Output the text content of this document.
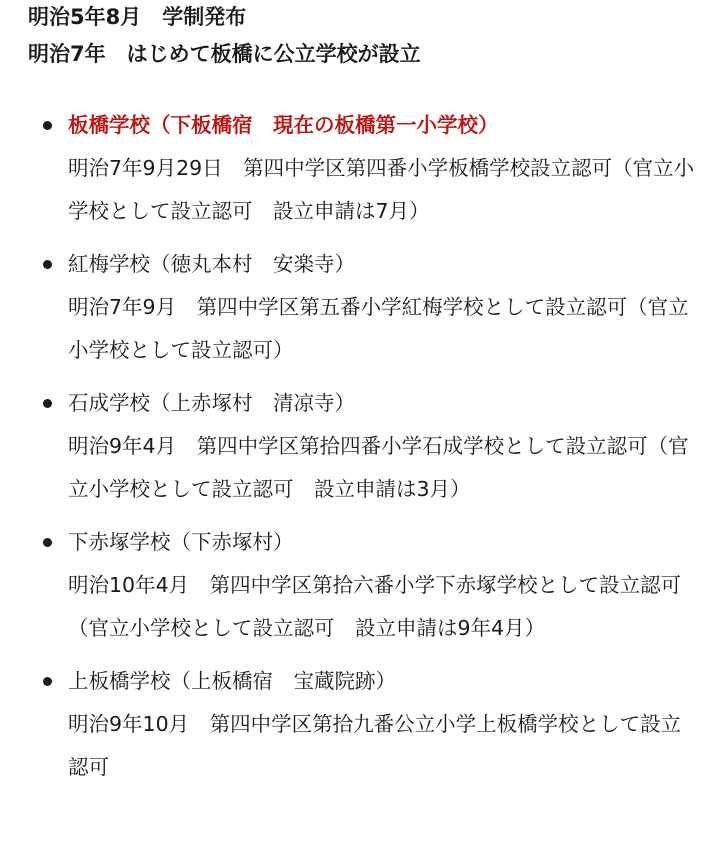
明治5年8月　学制発布
明治7年　はじめて板橋に公立学校が設立
板橋学校（下板橋宿　現在の板橋第一小学校）
明治7年9月29日　第四中学区第四番小学板橋学校設立認可（官立小学校として設立認可　設立申請は7月）
紅梅学校（徳丸本村　安楽寺）
明治7年9月　第四中学区第五番小学紅梅学校として設立認可（官立小学校として設立認可）
石成学校（上赤塚村　清凉寺）
明治9年4月　第四中学区第拾四番小学石成学校として設立認可（官立小学校として設立認可　設立申請は3月）
下赤塚学校（下赤塚村）
明治10年4月　第四中学区第拾六番小学下赤塚学校として設立認可（官立小学校として設立認可　設立申請は9年4月）
上板橋学校（上板橋宿　宝蔵院跡）
明治9年10月　第四中学区第拾九番公立小学上板橋学校として設立認可
